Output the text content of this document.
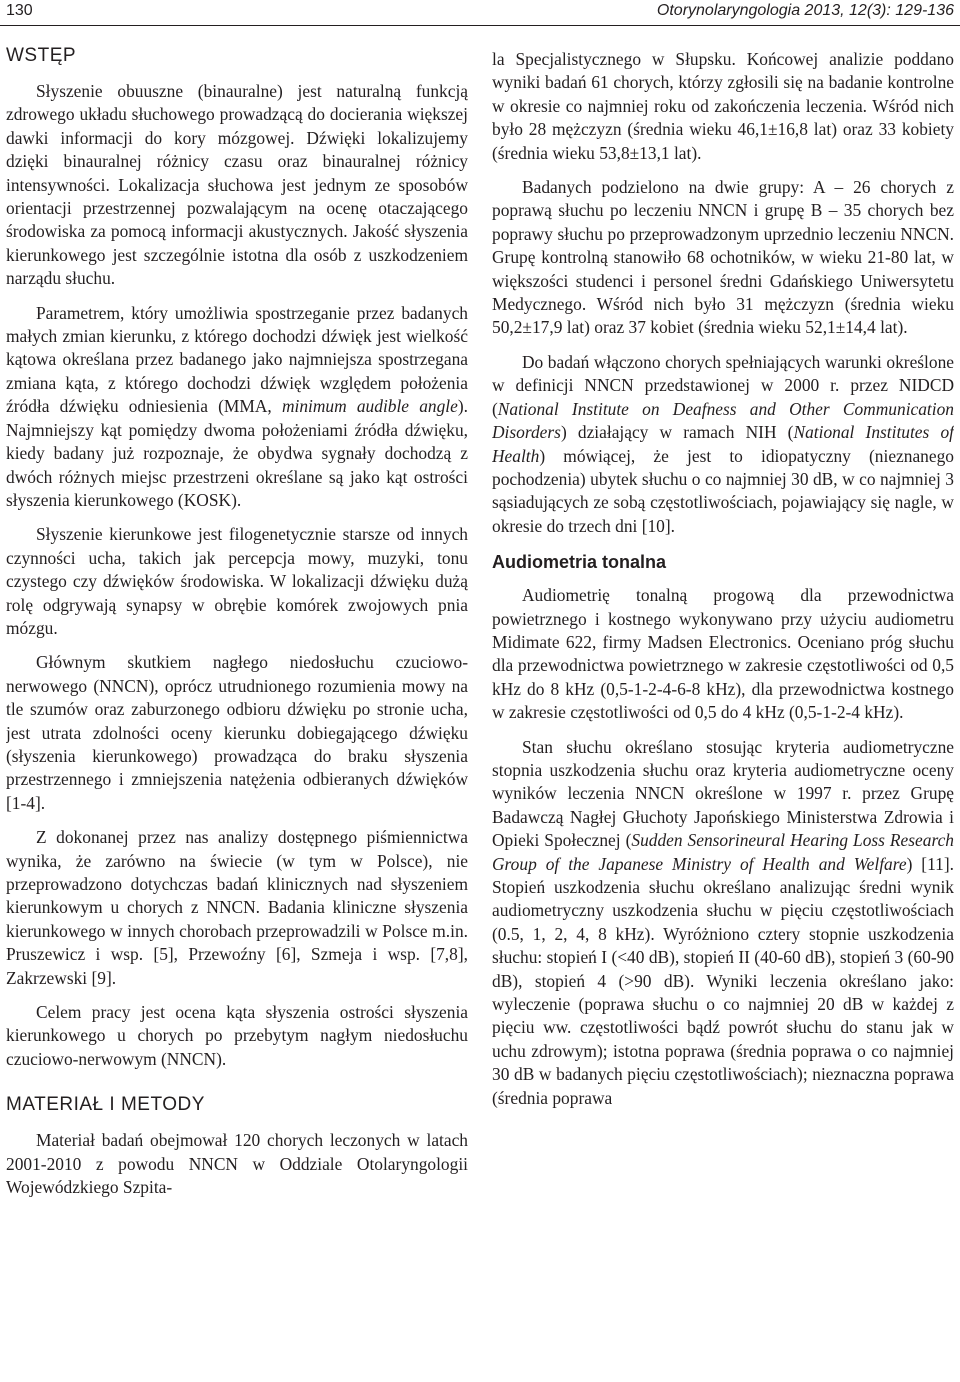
130	Otorynolaryngologia 2013, 12(3): 129-136
WSTĘP

Słyszenie obuuszne (binauralne) jest naturalną funkcją zdrowego układu słuchowego prowadzącą do docierania większej dawki informacji do kory mózgowej. Dźwięki lokalizujemy dzięki binauralnej różnicy czasu oraz binauralnej różnicy intensywności. Lokalizacja słuchowa jest jednym ze sposobów orientacji przestrzennej pozwalającym na ocenę otaczającego środowiska za pomocą informacji akustycznych. Jakość słyszenia kierunkowego jest szczególnie istotna dla osób z uszkodzeniem narządu słuchu.

Parametrem, który umożliwia spostrzeganie przez badanych małych zmian kierunku, z którego dochodzi dźwięk jest wielkość kątowa określana przez badanego jako najmniejsza spostrzegana zmiana kąta, z którego dochodzi dźwięk względem położenia źródła dźwięku odniesienia (MMA, minimum audible angle). Najmniejszy kąt pomiędzy dwoma położeniami źródła dźwięku, kiedy badany już rozpoznaje, że obydwa sygnały dochodzą z dwóch różnych miejsc przestrzeni określane są jako kąt ostrości słyszenia kierunkowego (KOSK).

Słyszenie kierunkowe jest filogenetycznie starsze od innych czynności ucha, takich jak percepcja mowy, muzyki, tonu czystego czy dźwięków środowiska. W lokalizacji dźwięku dużą rolę odgrywają synapsy w obrębie komórek zwojowych pnia mózgu.

Głównym skutkiem nagłego niedosłuchu czuciowo-nerwowego (NNCN), oprócz utrudnionego rozumienia mowy na tle szumów oraz zaburzonego odbioru dźwięku po stronie ucha, jest utrata zdolności oceny kierunku dobiegającego dźwięku (słyszenia kierunkowego) prowadząca do braku słyszenia przestrzennego i zmniejszenia natężenia odbieranych dźwięków [1-4].

Z dokonanej przez nas analizy dostępnego piśmiennictwa wynika, że zarówno na świecie (w tym w Polsce), nie przeprowadzono dotychczas badań klinicznych nad słyszeniem kierunkowym u chorych z NNCN. Badania kliniczne słyszenia kierunkowego w innych chorobach przeprowadzili w Polsce m.in. Pruszewicz i wsp. [5], Przewoźny [6], Szmeja i wsp. [7,8], Zakrzewski [9].

Celem pracy jest ocena kąta słyszenia ostrości słyszenia kierunkowego u chorych po przebytym nagłym niedosłuchu czuciowo-nerwowym (NNCN).

MATERIAŁ I METODY

Materiał badań obejmował 120 chorych leczonych w latach 2001-2010 z powodu NNCN w Oddziale Otolaryngologii Wojewódzkiego Szpita-

la Specjalistycznego w Słupsku. Końcowej analizie poddano wyniki badań 61 chorych, którzy zgłosili się na badanie kontrolne w okresie co najmniej roku od zakończenia leczenia. Wśród nich było 28 mężczyzn (średnia wieku 46,1±16,8 lat) oraz 33 kobiety (średnia wieku 53,8±13,1 lat).

Badanych podzielono na dwie grupy: A – 26 chorych z poprawą słuchu po leczeniu NNCN i grupę B – 35 chorych bez poprawy słuchu po przeprowadzonym uprzednio leczeniu NNCN. Grupę kontrolną stanowiło 68 ochotników, w wieku 21-80 lat, w większości studenci i personel średni Gdańskiego Uniwersytetu Medycznego. Wśród nich było 31 mężczyzn (średnia wieku 50,2±17,9 lat) oraz 37 kobiet (średnia wieku 52,1±14,4 lat).

Do badań włączono chorych spełniających warunki określone w definicji NNCN przedstawionej w 2000 r. przez NIDCD (National Institute on Deafness and Other Communication Disorders) działający w ramach NIH (National Institutes of Health) mówiącej, że jest to idiopatyczny (nieznanego pochodzenia) ubytek słuchu o co najmniej 30 dB, w co najmniej 3 sąsiadujących ze sobą częstotliwościach, pojawiający się nagle, w okresie do trzech dni [10].

Audiometria tonalna

Audiometrię tonalną progową dla przewodnictwa powietrznego i kostnego wykonywano przy użyciu audiometru Midimate 622, firmy Madsen Electronics. Oceniano próg słuchu dla przewodnictwa powietrznego w zakresie częstotliwości od 0,5 kHz do 8 kHz (0,5-1-2-4-6-8 kHz), dla przewodnictwa kostnego w zakresie częstotliwości od 0,5 do 4 kHz (0,5-1-2-4 kHz).

Stan słuchu określano stosując kryteria audiometryczne stopnia uszkodzenia słuchu oraz kryteria audiometryczne oceny wyników leczenia NNCN określone w 1997 r. przez Grupę Badawczą Nagłej Głuchoty Japońskiego Ministerstwa Zdrowia i Opieki Społecznej (Sudden Sensorineural Hearing Loss Research Group of the Japanese Ministry of Health and Welfare) [11]. Stopień uszkodzenia słuchu określano analizując średni wynik audiometryczny uszkodzenia słuchu w pięciu częstotliwościach (0.5, 1, 2, 4, 8 kHz). Wyróżniono cztery stopnie uszkodzenia słuchu: stopień I (<40 dB), stopień II (40-60 dB), stopień 3 (60-90 dB), stopień 4 (>90 dB). Wyniki leczenia określano jako: wyleczenie (poprawa słuchu o co najmniej 20 dB w każdej z pięciu ww. częstotliwości bądź powrót słuchu do stanu jak w uchu zdrowym); istotna poprawa (średnia poprawa o co najmniej 30 dB w badanych pięciu częstotliwościach); nieznaczna poprawa (średnia poprawa
